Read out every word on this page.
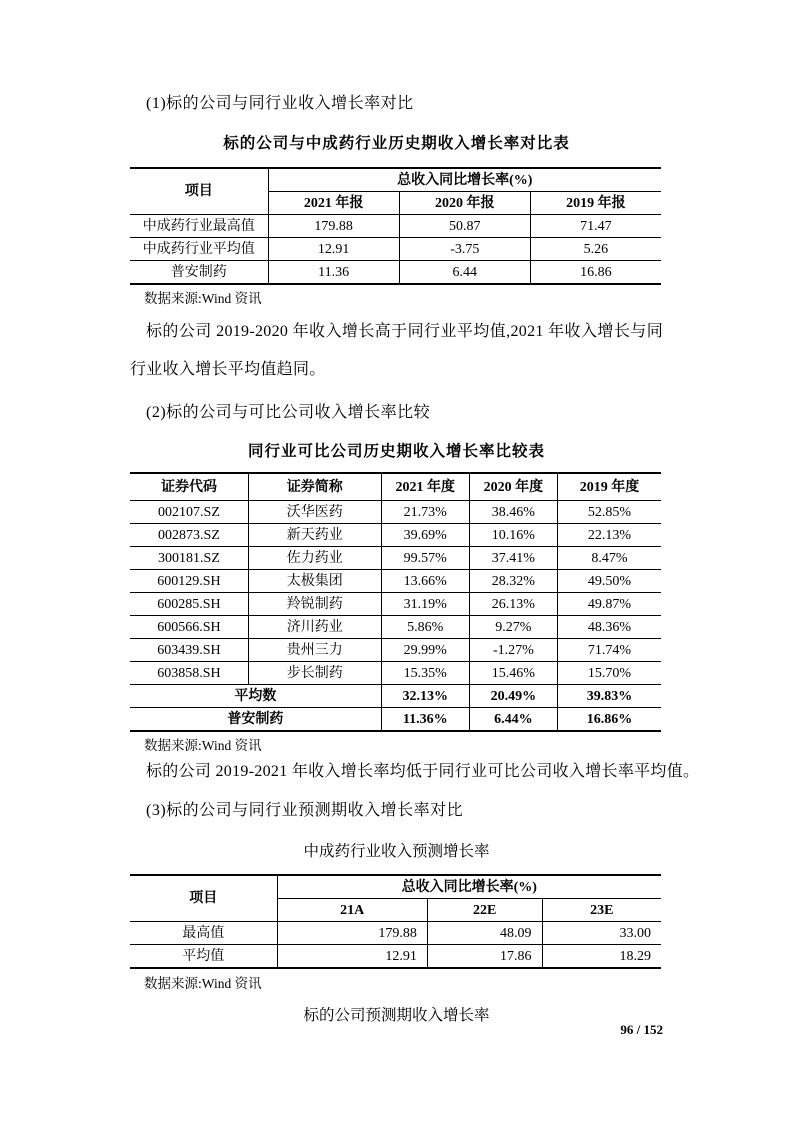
(1)标的公司与同行业收入增长率对比
标的公司与中成药行业历史期收入增长率对比表
项目	总收入同比增长率(%)		
	2021 年报	2020 年报	2019 年报
中成药行业最高值	179.88	50.87	71.47
中成药行业平均值	12.91	-3.75	5.26
普安制药	11.36	6.44	16.86
数据来源:Wind 资讯
标的公司 2019-2020 年收入增长高于同行业平均值,2021 年收入增长与同行业收入增长平均值趋同。
(2)标的公司与可比公司收入增长率比较
同行业可比公司历史期收入增长率比较表
证券代码	证券简称	2021 年度	2020 年度	2019 年度
002107.SZ	沃华医药	21.73%	38.46%	52.85%
002873.SZ	新天药业	39.69%	10.16%	22.13%
300181.SZ	佐力药业	99.57%	37.41%	8.47%
600129.SH	太极集团	13.66%	28.32%	49.50%
600285.SH	羚锐制药	31.19%	26.13%	49.87%
600566.SH	济川药业	5.86%	9.27%	48.36%
603439.SH	贵州三力	29.99%	-1.27%	71.74%
603858.SH	步长制药	15.35%	15.46%	15.70%
平均数		32.13%	20.49%	39.83%
普安制药		11.36%	6.44%	16.86%
数据来源:Wind 资讯
标的公司 2019-2021 年收入增长率均低于同行业可比公司收入增长率平均值。
(3)标的公司与同行业预测期收入增长率对比
中成药行业收入预测增长率
项目	总收入同比增长率(%)		
	21A	22E	23E
最高值	179.88	48.09	33.00
平均值	12.91	17.86	18.29
数据来源:Wind 资讯
标的公司预测期收入增长率
96 / 152
